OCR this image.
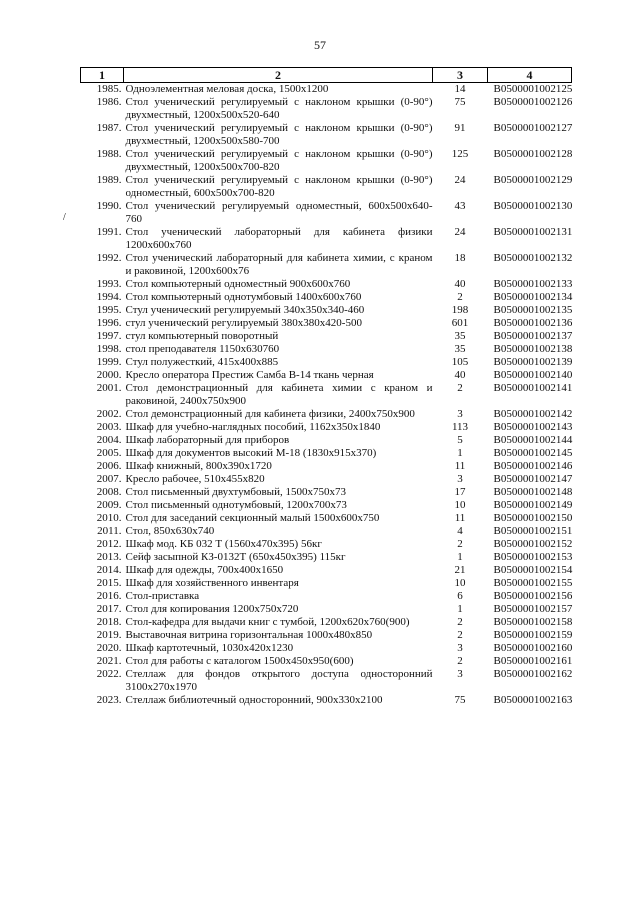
57
/
1	2	3	4
1985.	Одноэлементная меловая доска, 1500х1200	14	В0500001002125
1986.	Стол ученический регулируемый с наклоном крышки (0-90°) двухместный, 1200х500х520-640	75	В0500001002126
1987.	Стол ученический регулируемый с наклоном крышки (0-90°) двухместный, 1200х500х580-700	91	В0500001002127
1988.	Стол ученический регулируемый с наклоном крышки (0-90°) двухместный, 1200х500х700-820	125	В0500001002128
1989.	Стол ученический регулируемый с наклоном крышки (0-90°) одноместный, 600х500х700-820	24	В0500001002129
1990.	Стол ученический регулируемый одноместный, 600х500х640-760	43	В0500001002130
1991.	Стол ученический лабораторный для кабинета физики 1200х600х760	24	В0500001002131
1992.	Стол ученический лабораторный для кабинета химии, с краном и раковиной, 1200х600х76	18	В0500001002132
1993.	Стол компьютерный одноместный 900х600х760	40	В0500001002133
1994.	Стол компьютерный однотумбовый 1400х600х760	2	В0500001002134
1995.	Стул ученический регулируемый 340х350х340-460	198	В0500001002135
1996.	стул ученический регулируемый 380х380х420-500	601	В0500001002136
1997.	стул компьютерный поворотный	35	В0500001002137
1998.	стол преподавателя 1150х630760	35	В0500001002138
1999.	Стул полужесткий, 415х400х885	105	В0500001002139
2000.	Кресло оператора Престиж Самба В-14 ткань черная	40	В0500001002140
2001.	Стол демонстрационный для кабинета химии с краном и раковиной, 2400х750х900	2	В0500001002141
2002.	Стол демонстрационный для кабинета физики, 2400х750х900	3	В0500001002142
2003.	Шкаф для учебно-наглядных пособий, 1162х350х1840	113	В0500001002143
2004.	Шкаф лабораторный для приборов	5	В0500001002144
2005.	Шкаф для документов высокий М-18 (1830х915х370)	1	В0500001002145
2006.	Шкаф книжный, 800х390х1720	11	В0500001002146
2007.	Кресло рабочее, 510х455х820	3	В0500001002147
2008.	Стол письменный двухтумбовый, 1500х750х73	17	В0500001002148
2009.	Стол письменный однотумбовый, 1200х700х73	10	В0500001002149
2010.	Стол для заседаний секционный малый 1500х600х750	11	В0500001002150
2011.	Стол, 850х630х740	4	В0500001002151
2012.	Шкаф мод. КБ 032 Т (1560х470х395) 56кг	2	В0500001002152
2013.	Сейф засыпной КЗ-0132Т (650х450х395) 115кг	1	В0500001002153
2014.	Шкаф для одежды, 700х400х1650	21	В0500001002154
2015.	Шкаф для хозяйственного инвентаря	10	В0500001002155
2016.	Стол-приставка	6	В0500001002156
2017.	Стол для копирования 1200х750х720	1	В0500001002157
2018.	Стол-кафедра для выдачи книг с тумбой, 1200х620х760(900)	2	В0500001002158
2019.	Выставочная витрина горизонтальная 1000х480х850	2	В0500001002159
2020.	Шкаф картотечный, 1030х420х1230	3	В0500001002160
2021.	Стол для работы с каталогом 1500х450х950(600)	2	В0500001002161
2022.	Стеллаж для фондов открытого доступа односторонний 3100х270х1970	3	В0500001002162
2023.	Стеллаж библиотечный односторонний, 900х330х2100	75	В0500001002163
